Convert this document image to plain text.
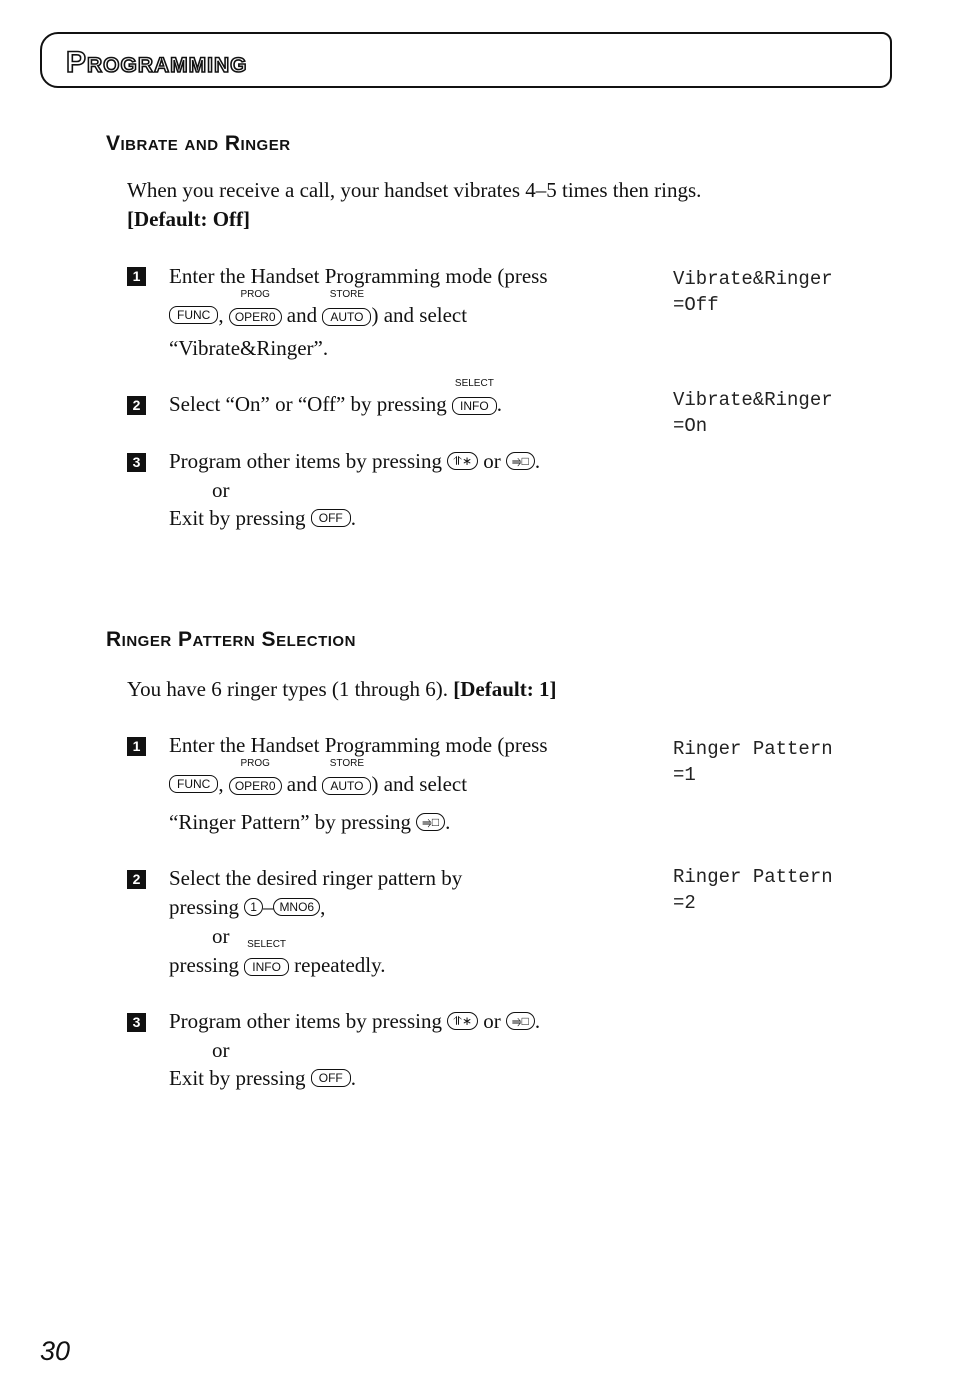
Programming
Vibrate and Ringer
When you receive a call, your handset vibrates 4–5 times then rings.
[Default: Off]
1 Enter the Handset Programming mode (press
FUNC ,
PROG
OPER0 and
STORE
AUTO ) and select
“Vibrate&Ringer”.
Vibrate&Ringer
=Off
2 Select “On” or “Off” by pressing
SELECT
INFO .	Vibrate&Ringer
=On
3 Program other items by pressing ⥣∗ or ⥤□ .
or
Exit by pressing OFF .
Ringer Pattern Selection
You have 6 ringer types (1 through 6). [Default: 1]
1 Enter the Handset Programming mode (press
FUNC ,
PROG
OPER0 and
STORE
AUTO ) and select
“Ringer Pattern” by pressing ⥤□ .
Ringer Pattern
=1
2 Select the desired ringer pattern by
pressing 1 – MNO6 ,
or
pressing
SELECT
INFO repeatedly.
Ringer Pattern
=2
3 Program other items by pressing ⥣∗ or ⥤□ .
or
Exit by pressing OFF .
30
